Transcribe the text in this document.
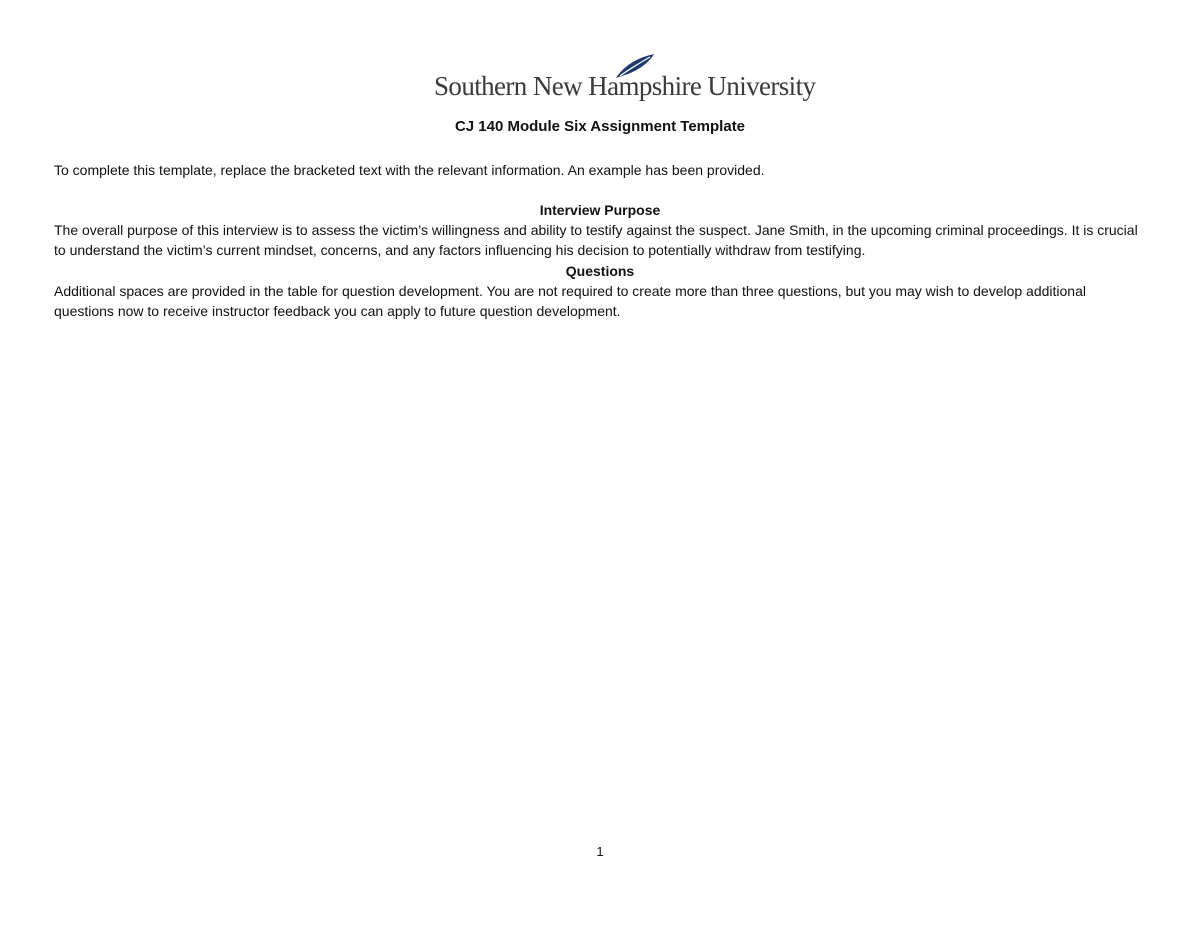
Southern New Hampshire University
CJ 140 Module Six Assignment Template
To complete this template, replace the bracketed text with the relevant information. An example has been provided.
Interview Purpose
The overall purpose of this interview is to assess the victim’s willingness and ability to testify against the suspect. Jane Smith, in the upcoming criminal proceedings. It is crucial to understand the victim’s current mindset, concerns, and any factors influencing his decision to potentially withdraw from testifying.
Questions
Additional spaces are provided in the table for question development. You are not required to create more than three questions, but you may wish to develop additional questions now to receive instructor feedback you can apply to future question development.
1
